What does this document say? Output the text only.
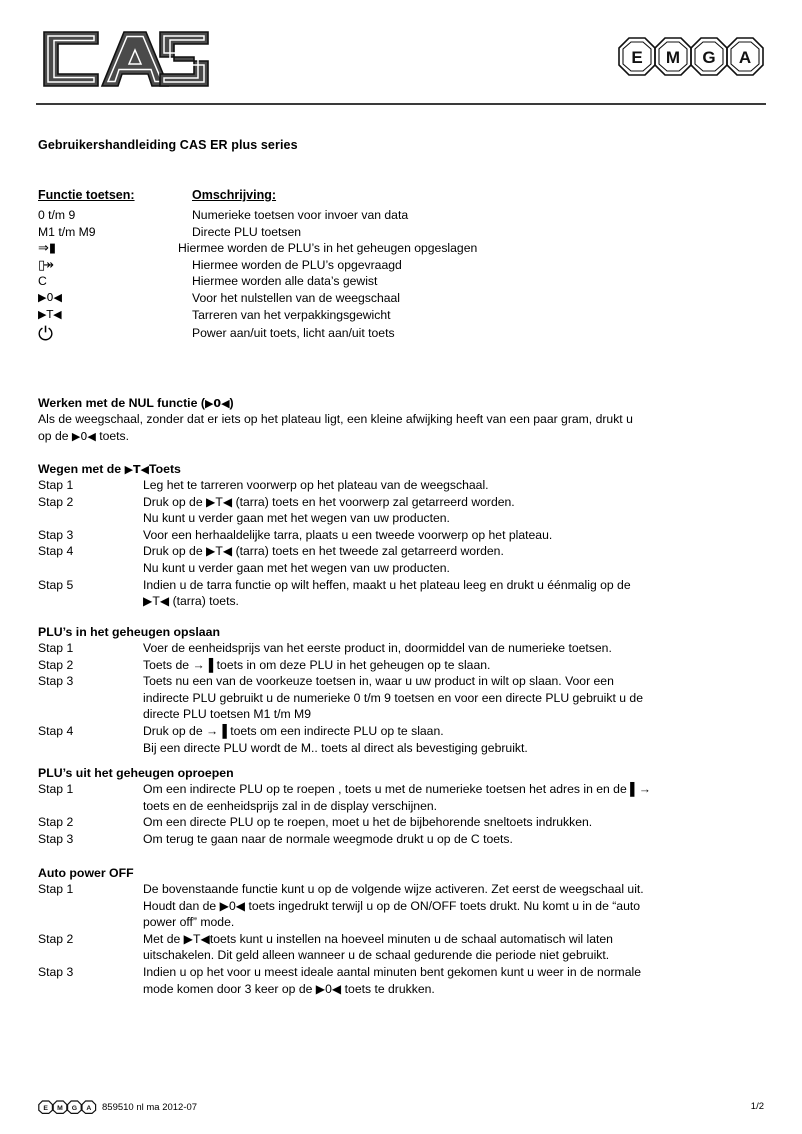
E M G A
Gebruikershandleiding CAS ER plus series
Functie toetsen:	Omschrijving:
0 t/m 9	Numerieke toetsen voor invoer van data
M1 t/m M9	Directe PLU toetsen
⇒▮	Hiermee worden de PLU’s in het geheugen opgeslagen
▯↠	Hiermee worden de PLU’s opgevraagd
C	Hiermee worden alle data’s gewist
▶0◀	Voor het nulstellen van de weegschaal
▶T◀	Tarreren van het verpakkingsgewicht
⏻	Power aan/uit toets, licht aan/uit toets
Werken met de NUL functie (▶0◀)
Als de weegschaal, zonder dat er iets op het plateau ligt, een kleine afwijking heeft van een paar gram, drukt u
op de ▶0◀ toets.
Wegen met de ▶T◀Toets
Stap 1	Leg het te tarreren voorwerp op het plateau van de weegschaal.
Stap 2	Druk op de ▶T◀ (tarra) toets en het voorwerp zal getarreerd worden.
Nu kunt u verder gaan met het wegen van uw producten.
Stap 3	Voor een herhaaldelijke tarra, plaats u een tweede voorwerp op het plateau.
Stap 4	Druk op de ▶T◀ (tarra) toets en het tweede zal getarreerd worden.
Nu kunt u verder gaan met het wegen van uw producten.
Stap 5	Indien u de tarra functie op wilt heffen, maakt u het plateau leeg en drukt u éénmalig op de
▶T◀ (tarra) toets.
PLU’s in het geheugen opslaan
Stap 1	Voer de eenheidsprijs van het eerste product in, doormiddel van de numerieke toetsen.
Stap 2	Toets de →▐ toets in om deze PLU in het geheugen op te slaan.
Stap 3	Toets nu een van de voorkeuze toetsen in, waar u uw product in wilt op slaan. Voor een
indirecte PLU gebruikt u de numerieke 0 t/m 9 toetsen en voor een directe PLU gebruikt u de
directe PLU toetsen M1 t/m M9
Stap 4	Druk op de →▐ toets om een indirecte PLU op te slaan.
Bij een directe PLU wordt de M.. toets al direct als bevestiging gebruikt.
PLU’s uit het geheugen oproepen
Stap 1	Om een indirecte PLU op te roepen , toets u met de numerieke toetsen het adres in en de ▌→
toets en de eenheidsprijs zal in de display verschijnen.
Stap 2	Om een directe PLU op te roepen, moet u het de bijbehorende sneltoets indrukken.
Stap 3	Om terug te gaan naar de normale weegmode drukt u op de C toets.
Auto power OFF
Stap 1	De bovenstaande functie kunt u op de volgende wijze activeren. Zet eerst de weegschaal uit.
Houdt dan de ▶0◀ toets ingedrukt terwijl u op de ON/OFF toets drukt. Nu komt u in de “auto
power off” mode.
Stap 2	Met de ▶T◀toets kunt u instellen na hoeveel minuten u de schaal automatisch wil laten
uitschakelen. Dit geld alleen wanneer u de schaal gedurende die periode niet gebruikt.
Stap 3	Indien u op het voor u meest ideale aantal minuten bent gekomen kunt u weer in de normale
mode komen door 3 keer op de ▶0◀ toets te drukken.
E M G A 859510 nl ma 2012-07	1/2
